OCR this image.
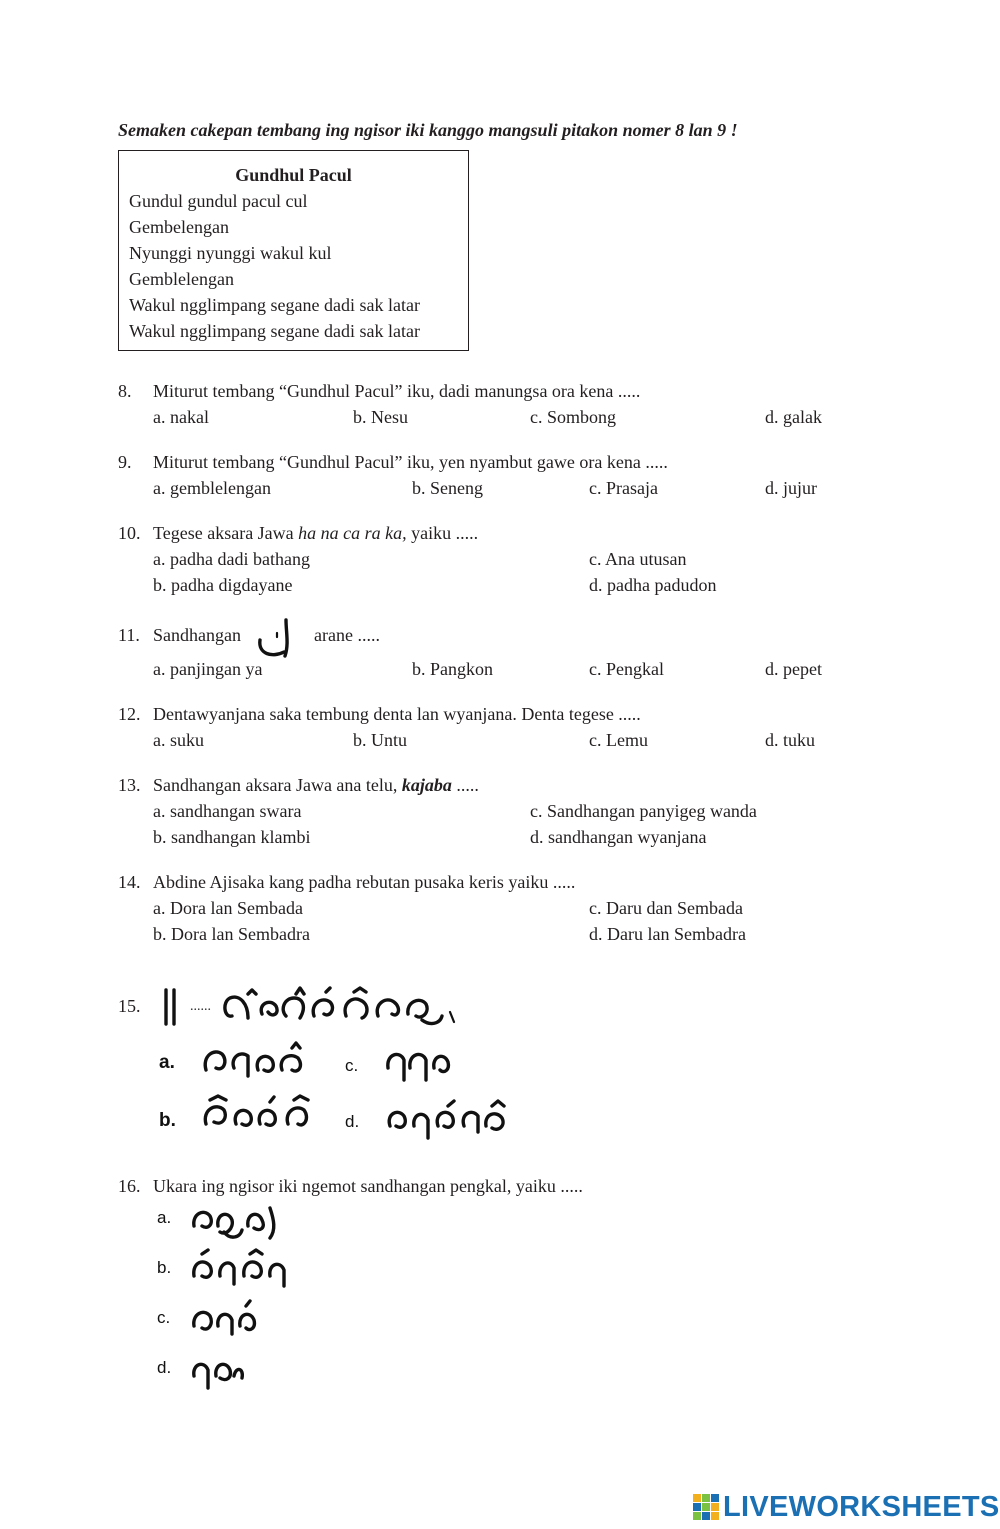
Semaken cakepan tembang ing ngisor iki kanggo mangsuli pitakon nomer 8 lan 9 !
Gundhul Pacul
Gundul gundul pacul cul
Gembelengan
Nyunggi nyunggi wakul kul
Gemblelengan
Wakul ngglimpang segane dadi sak latar
Wakul ngglimpang segane dadi sak latar
8. Miturut tembang “Gundhul Pacul” iku, dadi manungsa ora kena .....
a. nakal	b. Nesu	c. Sombong	d. galak
9. Miturut tembang “Gundhul Pacul” iku, yen nyambut gawe ora kena .....
a. gemblelengan	b. Seneng	c. Prasaja	d. jujur
10. Tegese aksara Jawa ha na ca ra ka, yaiku .....
a. padha dadi bathang	c. Ana utusan
b. padha digdayane	d. padha padudon
11. Sandhangan	arane .....
a. panjingan ya	b. Pangkon	c. Pengkal	d. pepet
12. Dentawyanjana saka tembung denta lan wyanjana. Denta tegese .....
a. suku	b. Untu	c. Lemu	d. tuku
13. Sandhangan aksara Jawa ana telu, kajaba .....
a. sandhangan swara	c. Sandhangan panyigeg wanda
b. sandhangan klambi	d. sandhangan wyanjana
14. Abdine Ajisaka kang padha rebutan pusaka keris yaiku .....
a. Dora lan Sembada	c. Daru dan Sembada
b. Dora lan Sembadra	d. Daru lan Sembadra
15.	......
a.	c.
b.	d.
16. Ukara ing ngisor iki ngemot sandhangan pengkal, yaiku .....
a.
b.
c.
d.
LIVEWORKSHEETS
